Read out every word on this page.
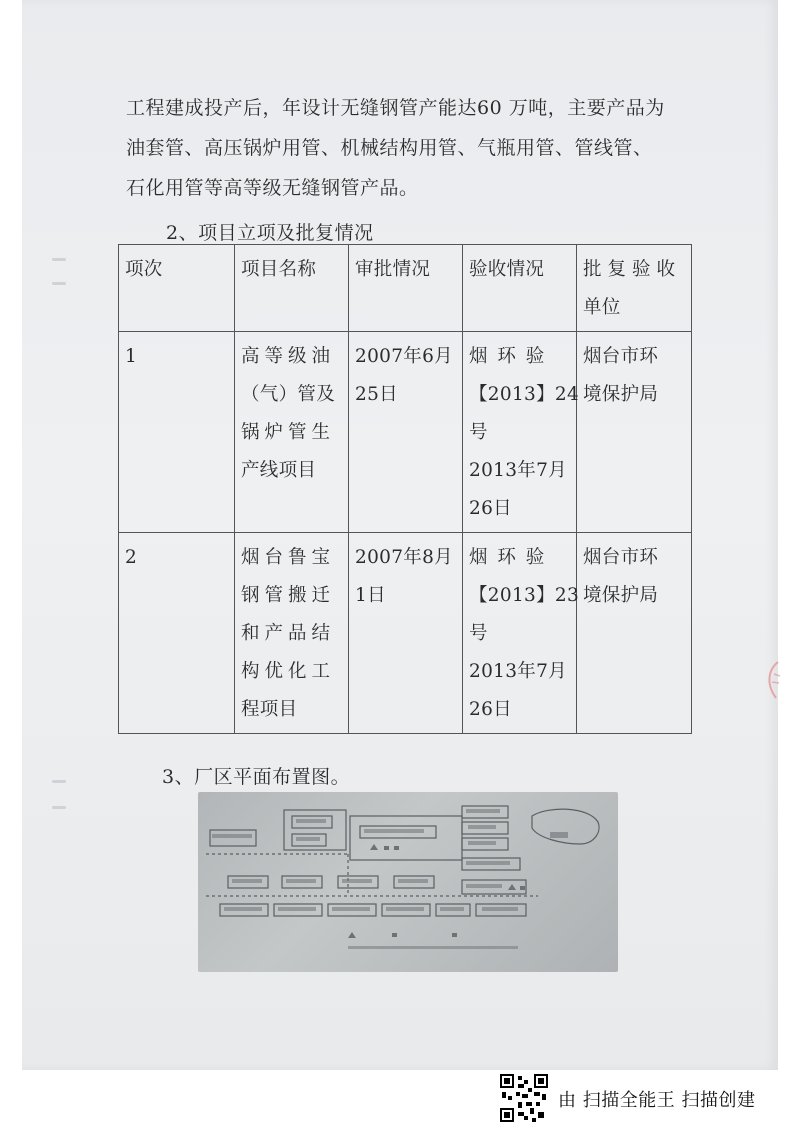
工程建成投产后，年设计无缝钢管产能达60 万吨，主要产品为
油套管、高压锅炉用管、机械结构用管、气瓶用管、管线管、
石化用管等高等级无缝钢管产品。

2、项目立项及批复情况

项次	项目名称	审批情况	验收情况	批复验收
单位

1	高等级油
（气）管及
锅炉管生
产线项目	2007年6月
25日	烟 环 验
【2013】24
号
2013年7月
26日	烟台市环
境保护局

2	烟台鲁宝
钢管搬迁
和产品结
构优化工
程项目	2007年8月
1日	烟 环 验
【2013】23
号
2013年7月
26日	烟台市环
境保护局

3、厂区平面布置图。

由 扫描全能王 扫描创建
